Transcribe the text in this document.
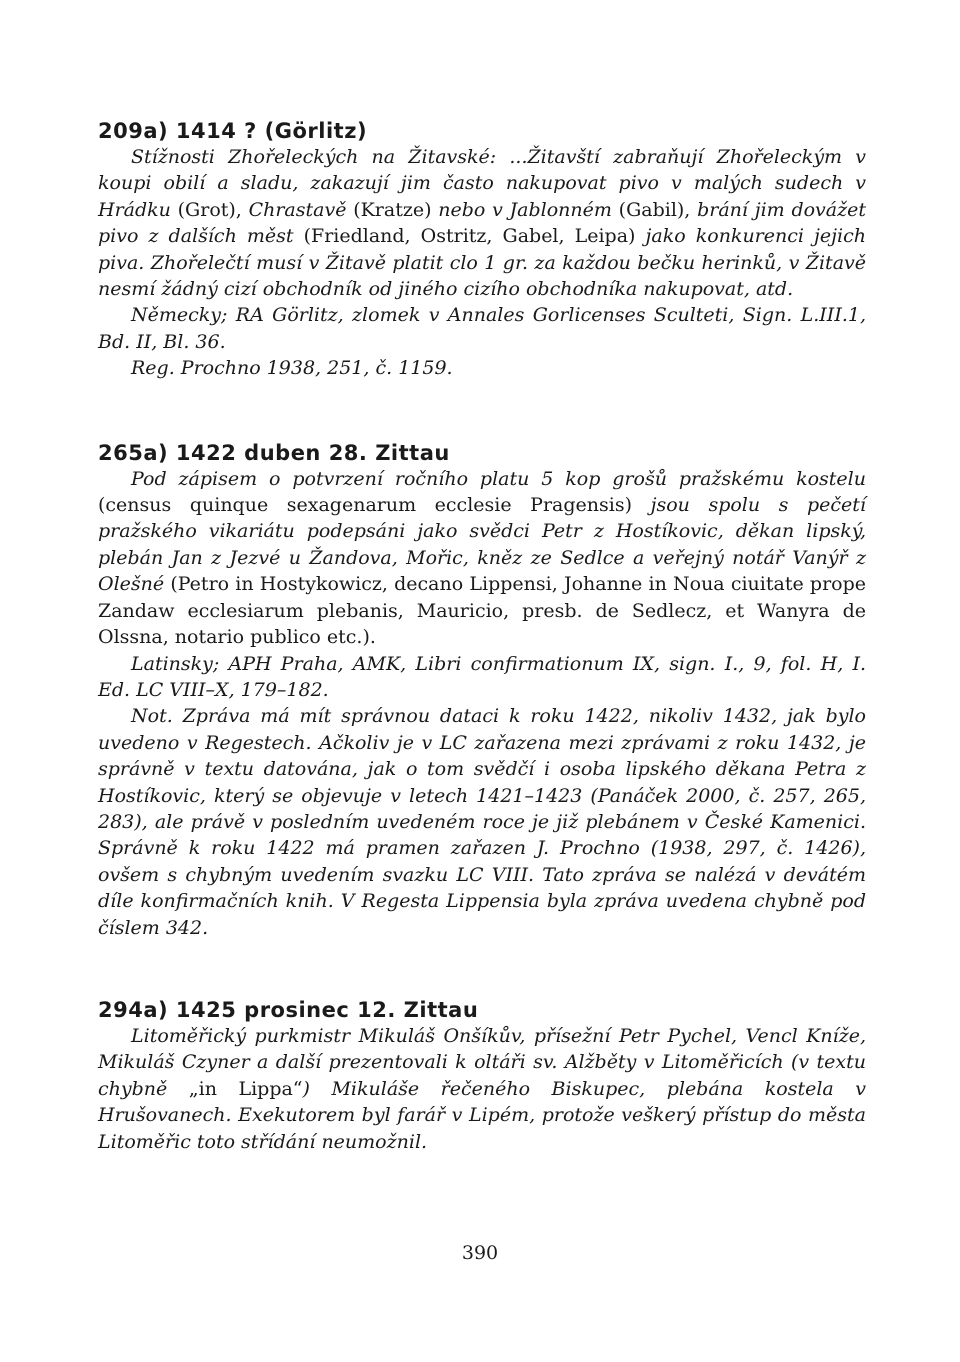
209a) 1414 ? (Görlitz)

Stížnosti Zhořeleckých na Žitavské: ...Žitavští zabraňují Zhořeleckým v koupi obilí a sladu, zakazují jim často nakupovat pivo v malých sudech v Hrádku (Grot), Chrastavě (Kratze) nebo v Jablonném (Gabil), brání jim dovážet pivo z dalších měst (Friedland, Ostritz, Gabel, Leipa) jako konkurenci jejich piva. Zhořelečtí musí v Žitavě platit clo 1 gr. za každou bečku herinků, v Žitavě nesmí žádný cizí obchodník od jiného cizího obchodníka nakupovat, atd.

Německy; RA Görlitz, zlomek v Annales Gorlicenses Sculteti, Sign. L.III.1, Bd. II, Bl. 36.

Reg. Prochno 1938, 251, č. 1159.

265a) 1422 duben 28. Zittau

Pod zápisem o potvrzení ročního platu 5 kop grošů pražskému kostelu (census quinque sexagenarum ecclesie Pragensis) jsou spolu s pečetí pražského vikariátu podepsáni jako svědci Petr z Hostíkovic, děkan lipský, plebán Jan z Jezvé u Žandova, Mořic, kněz ze Sedlce a veřejný notář Vanýř z Olešné (Petro in Hostykowicz, decano Lippensi, Johanne in Noua ciuitate prope Zandaw ecclesiarum plebanis, Mauricio, presb. de Sedlecz, et Wanyra de Olssna, notario publico etc.).

Latinsky; APH Praha, AMK, Libri confirmationum IX, sign. I., 9, fol. H, I. Ed. LC VIII–X, 179–182.

Not. Zpráva má mít správnou dataci k roku 1422, nikoliv 1432, jak bylo uvedeno v Regestech. Ačkoliv je v LC zařazena mezi zprávami z roku 1432, je správně v textu datována, jak o tom svědčí i osoba lipského děkana Petra z Hostíkovic, který se objevuje v letech 1421–1423 (Panáček 2000, č. 257, 265, 283), ale právě v posledním uvedeném roce je již plebánem v České Kamenici. Správně k roku 1422 má pramen zařazen J. Prochno (1938, 297, č. 1426), ovšem s chybným uvedením svazku LC VIII. Tato zpráva se nalézá v devátém díle konfirmačních knih. V Regesta Lippensia byla zpráva uvedena chybně pod číslem 342.

294a) 1425 prosinec 12. Zittau

Litoměřický purkmistr Mikuláš Onšíkův, přísežní Petr Pychel, Vencl Kníže, Mikuláš Czyner a další prezentovali k oltáři sv. Alžběty v Litoměřicích (v textu chybně „in Lippa“) Mikuláše řečeného Biskupec, plebána kostela v Hrušovanech. Exekutorem byl farář v Lipém, protože veškerý přístup do města Litoměřic toto střídání neumožnil.

390
